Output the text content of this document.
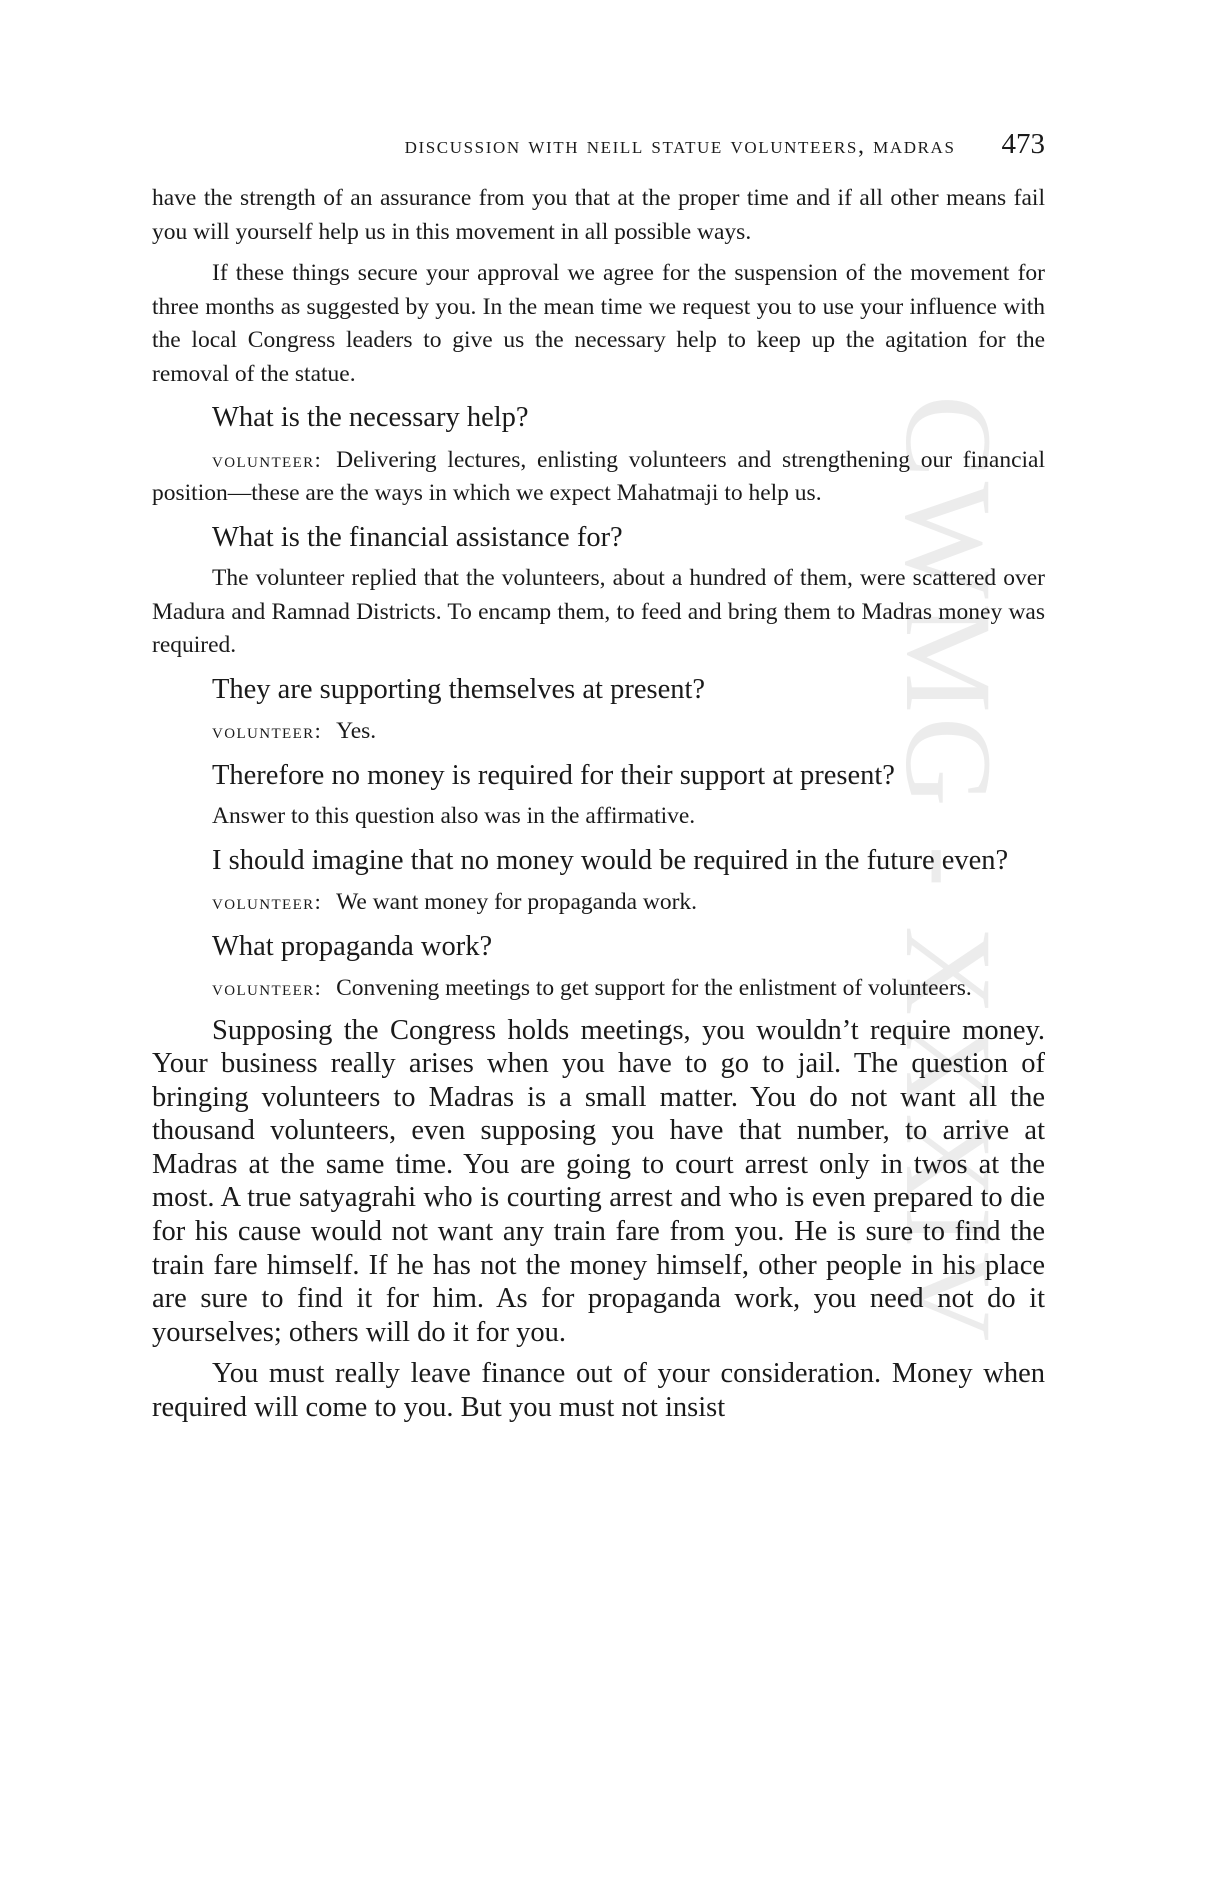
CWMG - XXXIV
discussion with neill statue volunteers, madras 473

have the strength of an assurance from you that at the proper time and if all other means fail you will yourself help us in this movement in all possible ways.

If these things secure your approval we agree for the suspension of the movement for three months as suggested by you. In the mean time we request you to use your influence with the local Congress leaders to give us the necessary help to keep up the agitation for the removal of the statue.

What is the necessary help?

volunteer: Delivering lectures, enlisting volunteers and strengthening our financial position—these are the ways in which we expect Mahatmaji to help us.

What is the financial assistance for?

The volunteer replied that the volunteers, about a hundred of them, were scattered over Madura and Ramnad Districts. To encamp them, to feed and bring them to Madras money was required.

They are supporting themselves at present?

volunteer: Yes.

Therefore no money is required for their support at present?

Answer to this question also was in the affirmative.

I should imagine that no money would be required in the future even?

volunteer: We want money for propaganda work.

What propaganda work?

volunteer: Convening meetings to get support for the enlistment of volunteers.

Supposing the Congress holds meetings, you wouldn’t require money. Your business really arises when you have to go to jail. The question of bringing volunteers to Madras is a small matter. You do not want all the thousand volunteers, even supposing you have that number, to arrive at Madras at the same time. You are going to court arrest only in twos at the most. A true satyagrahi who is courting arrest and who is even prepared to die for his cause would not want any train fare from you. He is sure to find the train fare himself. If he has not the money himself, other people in his place are sure to find it for him. As for propaganda work, you need not do it yourselves; others will do it for you.

You must really leave finance out of your consideration. Money when required will come to you. But you must not insist
